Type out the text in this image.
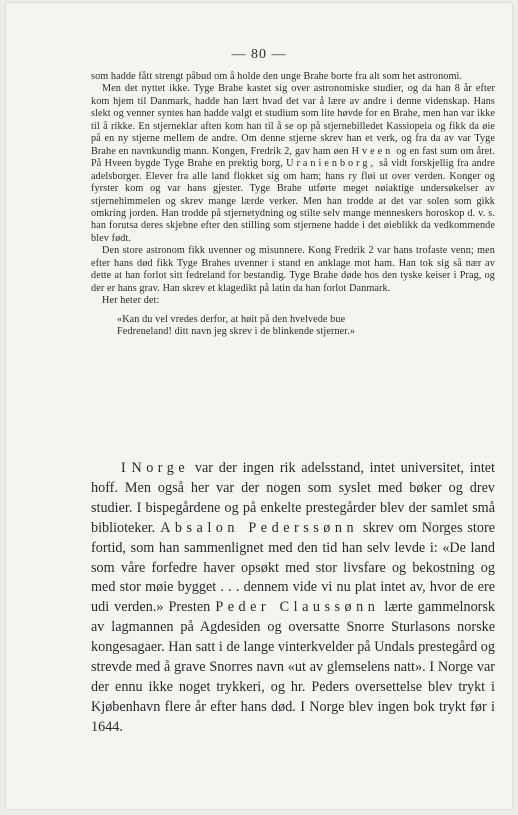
— 80 —

som hadde fått strengt påbud om å holde den unge Brahe borte fra alt som het astronomi.

Men det nyttet ikke. Tyge Brahe kastet sig over astronomiske studier, og da han 8 år efter kom hjem til Danmark, hadde han lært hvad det var å lære av andre i denne videnskap. Hans slekt og venner syntes han hadde valgt et studium som lite høvde for en Brahe, men han var ikke til å rikke. En stjerneklar aften kom han til å se op på stjernebilledet Kassiopeia og fikk da øie på en ny stjerne mellem de andre. Om denne stjerne skrev han et verk, og fra da av var Tyge Brahe en navnkundig mann. Kongen, Fredrik 2, gav ham øen Hveen og en fast sum om året. På Hveen bygde Tyge Brahe en prektig borg, Uranienborg, så vidt forskjellig fra andre adelsborger. Elever fra alle land flokket sig om ham; hans ry fløi ut over verden. Konger og fyrster kom og var hans gjester. Tyge Brahe utførte meget nøiaktige undersøkelser av stjernehimmelen og skrev mange lærde verker. Men han trodde at det var solen som gikk omkring jorden. Han trodde på stjernetydning og stilte selv mange menneskers horoskop d. v. s. han forutsa deres skjebne efter den stilling som stjernene hadde i det øieblikk da vedkommende blev født.

Den store astronom fikk uvenner og misunnere. Kong Fredrik 2 var hans trofaste venn; men efter hans død fikk Tyge Brahes uvenner i stand en anklage mot ham. Han tok sig så nær av dette at han forlot sitt fedreland for bestandig. Tyge Brahe døde hos den tyske keiser i Prag, og der er hans grav. Han skrev et klagedikt på latin da han forlot Danmark.

Her heter det:

«Kan du vel vredes derfor, at høit på den hvelvede bue

Fedreneland! ditt navn jeg skrev i de blinkende stjerner.»

I Norge var der ingen rik adelsstand, intet universitet, intet hoff. Men også her var der nogen som syslet med bøker og drev studier. I bispegårdene og på enkelte prestegårder blev der samlet små biblioteker. Absalon Pederssønn skrev om Norges store fortid, som han sammenlignet med den tid han selv levde i: «De land som våre forfedre haver opsøkt med stor livsfare og bekostning og med stor møie bygget . . . dennem vide vi nu plat intet av, hvor de ere udi verden.» Presten Peder Claussønn lærte gammelnorsk av lagmannen på Agdesiden og oversatte Snorre Sturlasons norske kongesagaer. Han satt i de lange vinterkvelder på Undals prestegård og strevde med å grave Snorres navn «ut av glemselens natt». I Norge var der ennu ikke noget trykkeri, og hr. Peders oversettelse blev trykt i Kjøbenhavn flere år efter hans død. I Norge blev ingen bok trykt før i 1644.
